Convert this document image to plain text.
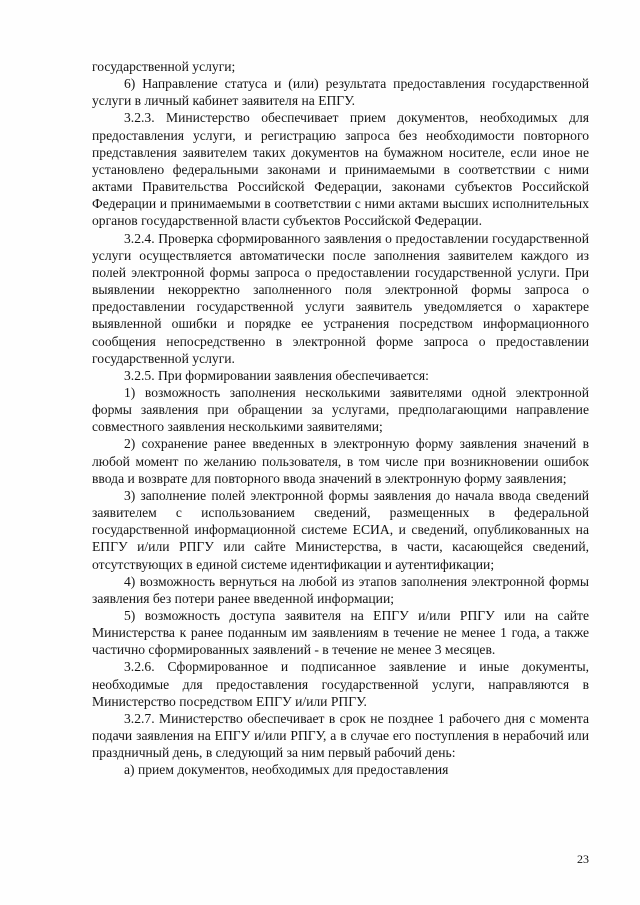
государственной услуги;

6) Направление статуса и (или) результата предоставления государственной услуги в личный кабинет заявителя на ЕПГУ.

3.2.3. Министерство обеспечивает прием документов, необходимых для предоставления услуги, и регистрацию запроса без необходимости повторного представления заявителем таких документов на бумажном носителе, если иное не установлено федеральными законами и принимаемыми в соответствии с ними актами Правительства Российской Федерации, законами субъектов Российской Федерации и принимаемыми в соответствии с ними актами высших исполнительных органов государственной власти субъектов Российской Федерации.

3.2.4. Проверка сформированного заявления о предоставлении государственной услуги осуществляется автоматически после заполнения заявителем каждого из полей электронной формы запроса о предоставлении государственной услуги. При выявлении некорректно заполненного поля электронной формы запроса о предоставлении государственной услуги заявитель уведомляется о характере выявленной ошибки и порядке ее устранения посредством информационного сообщения непосредственно в электронной форме запроса о предоставлении государственной услуги.

3.2.5. При формировании заявления обеспечивается:

1) возможность заполнения несколькими заявителями одной электронной формы заявления при обращении за услугами, предполагающими направление совместного заявления несколькими заявителями;

2) сохранение ранее введенных в электронную форму заявления значений в любой момент по желанию пользователя, в том числе при возникновении ошибок ввода и возврате для повторного ввода значений в электронную форму заявления;

3) заполнение полей электронной формы заявления до начала ввода сведений заявителем с использованием сведений, размещенных в федеральной государственной информационной системе ЕСИА, и сведений, опубликованных на ЕПГУ и/или РПГУ или сайте Министерства, в части, касающейся сведений, отсутствующих в единой системе идентификации и аутентификации;

4) возможность вернуться на любой из этапов заполнения электронной формы заявления без потери ранее введенной информации;

5) возможность доступа заявителя на ЕПГУ и/или РПГУ или на сайте Министерства к ранее поданным им заявлениям в течение не менее 1 года, а также частично сформированных заявлений - в течение не менее 3 месяцев.

3.2.6. Сформированное и подписанное заявление и иные документы, необходимые для предоставления государственной услуги, направляются в Министерство посредством ЕПГУ и/или РПГУ.

3.2.7. Министерство обеспечивает в срок не позднее 1 рабочего дня с момента подачи заявления на ЕПГУ и/или РПГУ, а в случае его поступления в нерабочий или праздничный день, в следующий за ним первый рабочий день:

а) прием документов, необходимых для предоставления

23
